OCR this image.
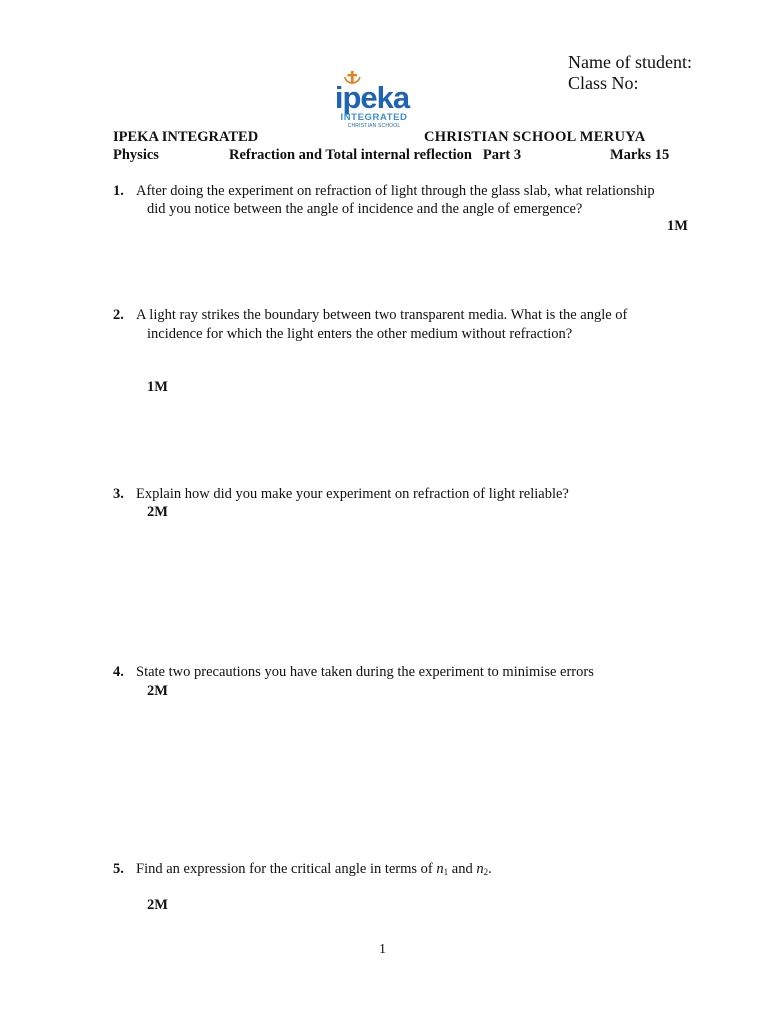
Name of student:
Class No:
ipeka
INTEGRATED
CHRISTIAN SCHOOL
IPEKA INTEGRATED	CHRISTIAN SCHOOL MERUYA
Physics	Refraction and Total internal reflection   Part 3	Marks 15
1. After doing the experiment on refraction of light through the glass slab, what relationship
did you notice between the angle of incidence and the angle of emergence?
1M
2. A light ray strikes the boundary between two transparent media. What is the angle of
incidence for which the light enters the other medium without refraction?
1M
3. Explain how did you make your experiment on refraction of light reliable?
2M
4. State two precautions you have taken during the experiment to minimise errors
2M
5. Find an expression for the critical angle in terms of $n_1$ and $n_2$.
2M
1
